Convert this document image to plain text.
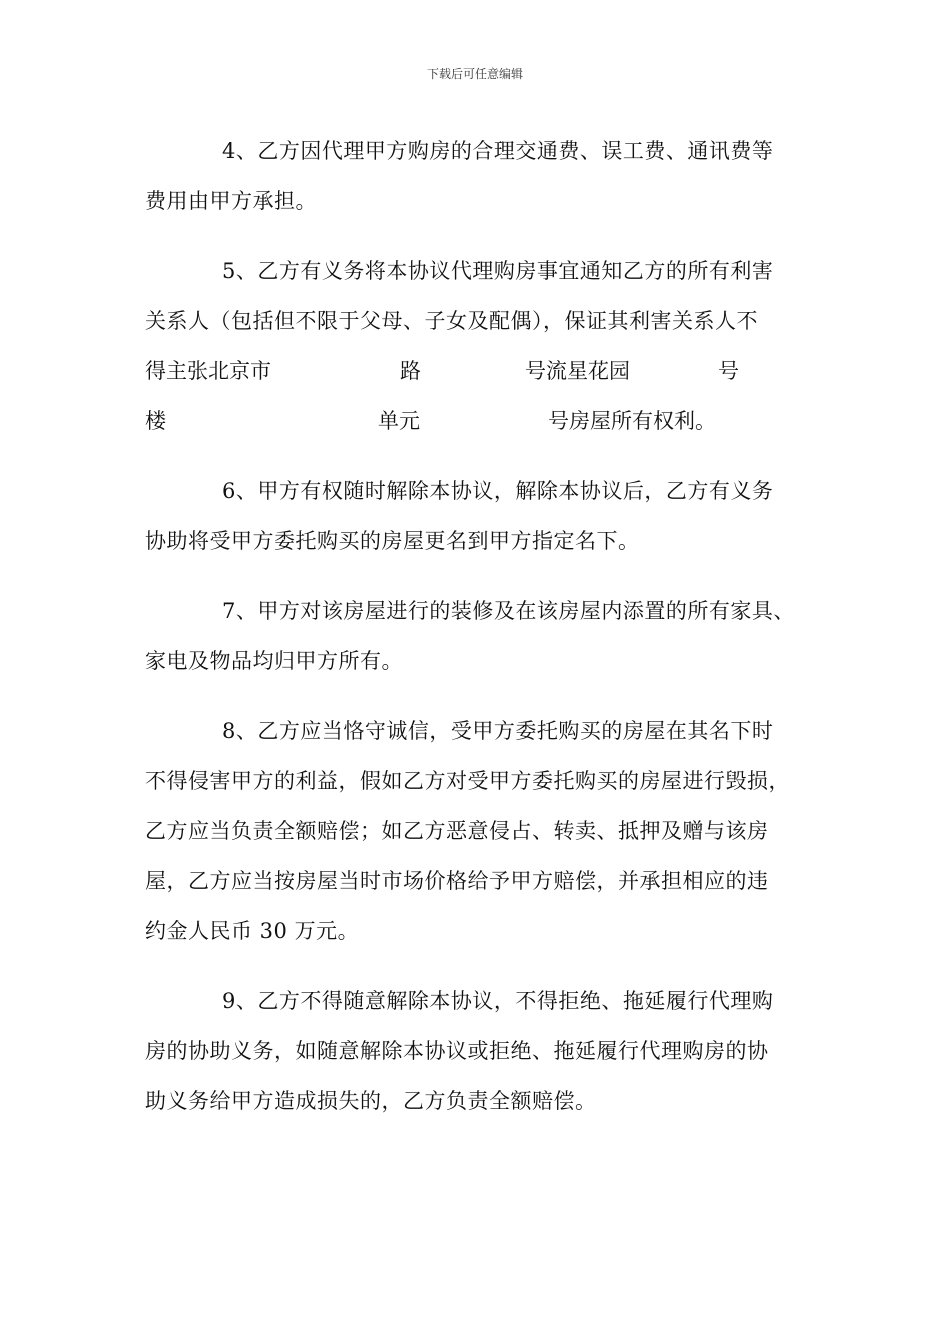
下载后可任意编辑
4、乙方因代理甲方购房的合理交通费、误工费、通讯费等
费用由甲方承担。
5、乙方有义务将本协议代理购房事宜通知乙方的所有利害
关系人（包括但不限于父母、子女及配偶），保证其利害关系人不
得主张北京市	路	号流星花园	号
楼	单元	号房屋所有权利。
6、甲方有权随时解除本协议，解除本协议后，乙方有义务
协助将受甲方委托购买的房屋更名到甲方指定名下。
7、甲方对该房屋进行的装修及在该房屋内添置的所有家具、
家电及物品均归甲方所有。
8、乙方应当恪守诚信，受甲方委托购买的房屋在其名下时
不得侵害甲方的利益，假如乙方对受甲方委托购买的房屋进行毁损，
乙方应当负责全额赔偿；如乙方恶意侵占、转卖、抵押及赠与该房
屋，乙方应当按房屋当时市场价格给予甲方赔偿，并承担相应的违
约金人民币 30 万元。
9、乙方不得随意解除本协议，不得拒绝、拖延履行代理购
房的协助义务，如随意解除本协议或拒绝、拖延履行代理购房的协
助义务给甲方造成损失的，乙方负责全额赔偿。
